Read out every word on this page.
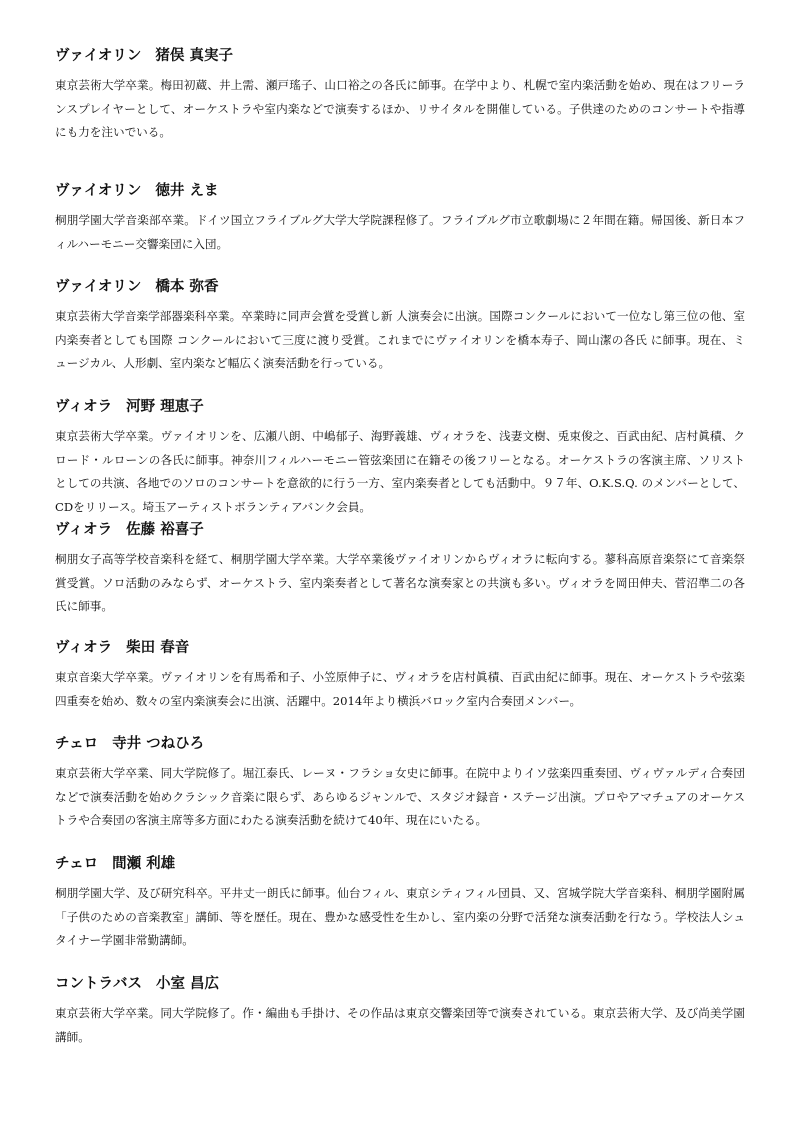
ヴァイオリン 猪俣 真実子

東京芸術大学卒業。梅田初蔵、井上需、瀬戸瑤子、山口裕之の各氏に師事。在学中より、札幌で室内楽活動を始め、現在はフリーランスプレイヤーとして、オーケストラや室内楽などで演奏するほか、リサイタルを開催している。子供達のためのコンサートや指導にも力を注いでいる。

ヴァイオリン 徳井 えま

桐朋学園大学音楽部卒業。ドイツ国立フライブルグ大学大学院課程修了。フライブルグ市立歌劇場に２年間在籍。帰国後、新日本フィルハーモニー交響楽団に入団。

ヴァイオリン 橋本 弥香

東京芸術大学音楽学部器楽科卒業。卒業時に同声会賞を受賞し新 人演奏会に出演。国際コンクールにおいて一位なし第三位の他、室内楽奏者としても国際 コンクールにおいて三度に渡り受賞。これまでにヴァイオリンを橋本寿子、岡山潔の各氏 に師事。現在、ミュージカル、人形劇、室内楽など幅広く演奏活動を行っている。

ヴィオラ 河野 理恵子

東京芸術大学卒業。ヴァイオリンを、広瀬八朗、中嶋郁子、海野義雄、ヴィオラを、浅妻文樹、兎束俊之、百武由紀、店村眞積、クロード・ルローンの各氏に師事。神奈川フィルハーモニー管弦楽団に在籍その後フリーとなる。オーケストラの客演主席、ソリストとしての共演、各地でのソロのコンサートを意欲的に行う一方、室内楽奏者としても活動中。９７年、O.K.S.Q. のメンバーとして、CDをリリース。埼玉アーティストボランティアバンク会員。

ヴィオラ 佐藤 裕喜子

桐朋女子高等学校音楽科を経て、桐朋学園大学卒業。大学卒業後ヴァイオリンからヴィオラに転向する。蓼科高原音楽祭にて音楽祭賞受賞。ソロ活動のみならず、オーケストラ、室内楽奏者として著名な演奏家との共演も多い。ヴィオラを岡田伸夫、菅沼準二の各氏に師事。

ヴィオラ 柴田 春音

東京音楽大学卒業。ヴァイオリンを有馬希和子、小笠原伸子に、ヴィオラを店村眞積、百武由紀に師事。現在、オーケストラや弦楽四重奏を始め、数々の室内楽演奏会に出演、活躍中。2014年より横浜バロック室内合奏団メンバー。

チェロ 寺井 つねひろ

東京芸術大学卒業、同大学院修了。堀江泰氏、レーヌ・フラショ女史に師事。在院中よりイソ弦楽四重奏団、ヴィヴァルディ合奏団などで演奏活動を始めクラシック音楽に限らず、あらゆるジャンルで、スタジオ録音・ステージ出演。プロやアマチュアのオーケストラや合奏団の客演主席等多方面にわたる演奏活動を続けて40年、現在にいたる。

チェロ 間瀬 利雄

桐朋学園大学、及び研究科卒。平井丈一朗氏に師事。仙台フィル、東京シティフィル団員、又、宮城学院大学音楽科、桐朋学園附属「子供のための音楽教室」講師、等を歴任。現在、豊かな感受性を生かし、室内楽の分野で活発な演奏活動を行なう。学校法人シュタイナー学園非常勤講師。

コントラバス 小室 昌広

東京芸術大学卒業。同大学院修了。作・編曲も手掛け、その作品は東京交響楽団等で演奏されている。東京芸術大学、及び尚美学園講師。
